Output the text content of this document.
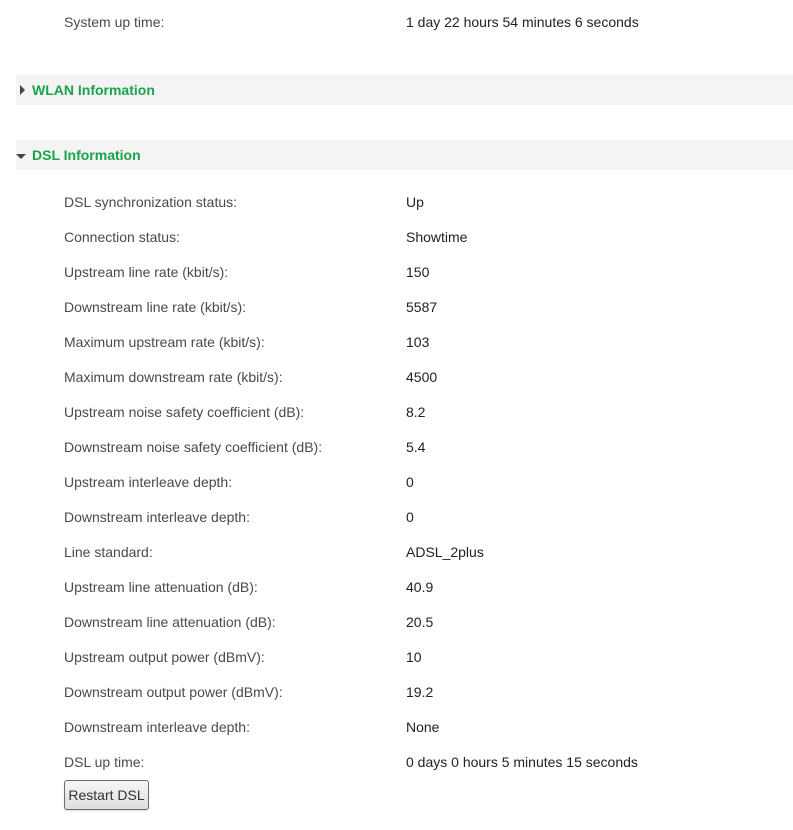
System up time:	1 day 22 hours 54 minutes 6 seconds
WLAN Information
DSL Information
DSL synchronization status:	Up
Connection status:	Showtime
Upstream line rate (kbit/s):	150
Downstream line rate (kbit/s):	5587
Maximum upstream rate (kbit/s):	103
Maximum downstream rate (kbit/s):	4500
Upstream noise safety coefficient (dB):	8.2
Downstream noise safety coefficient (dB):	5.4
Upstream interleave depth:	0
Downstream interleave depth:	0
Line standard:	ADSL_2plus
Upstream line attenuation (dB):	40.9
Downstream line attenuation (dB):	20.5
Upstream output power (dBmV):	10
Downstream output power (dBmV):	19.2
Downstream interleave depth:	None
DSL up time:	0 days 0 hours 5 minutes 15 seconds
Restart DSL
